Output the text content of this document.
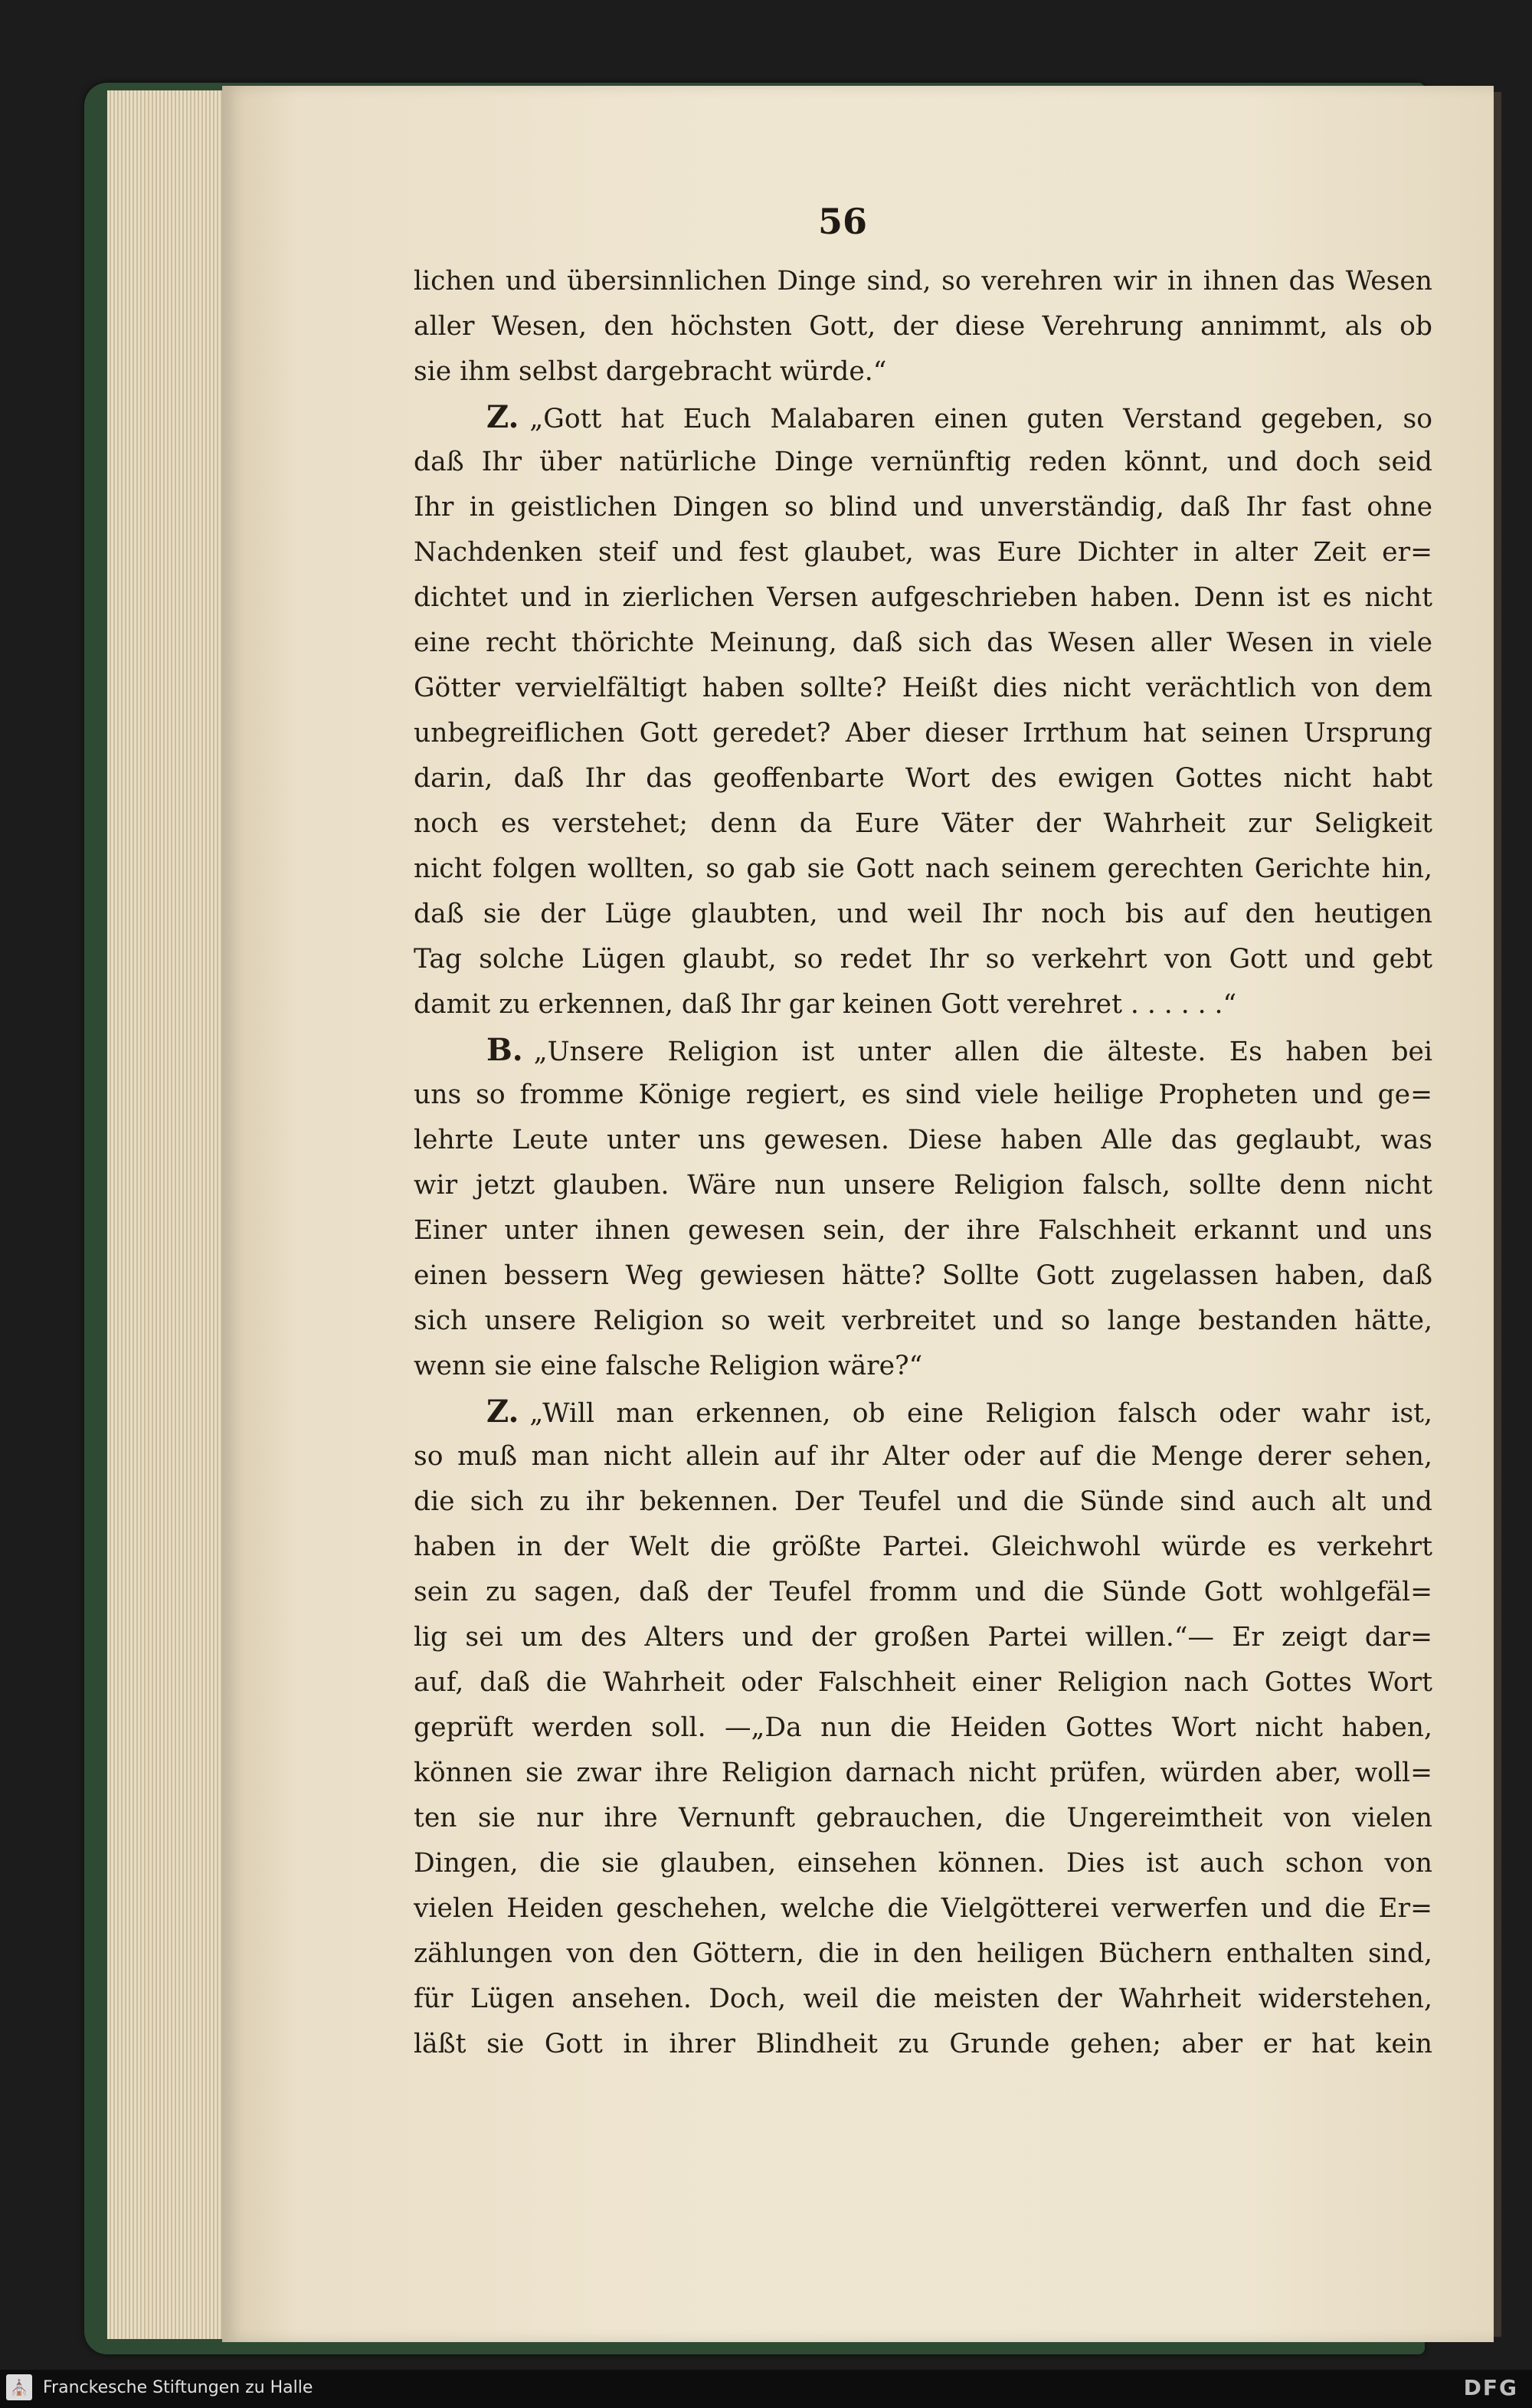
56
lichen und übersinnlichen Dinge sind, so verehren wir in ihnen das Wesen
aller Wesen, den höchsten Gott, der diese Verehrung annimmt, als ob
sie ihm selbst dargebracht würde.“
Z. „Gott hat Euch Malabaren einen guten Verstand gegeben, so
daß Ihr über natürliche Dinge vernünftig reden könnt, und doch seid
Ihr in geistlichen Dingen so blind und unverständig, daß Ihr fast ohne
Nachdenken steif und fest glaubet, was Eure Dichter in alter Zeit er=
dichtet und in zierlichen Versen aufgeschrieben haben. Denn ist es nicht
eine recht thörichte Meinung, daß sich das Wesen aller Wesen in viele
Götter vervielfältigt haben sollte? Heißt dies nicht verächtlich von dem
unbegreiflichen Gott geredet? Aber dieser Irrthum hat seinen Ursprung
darin, daß Ihr das geoffenbarte Wort des ewigen Gottes nicht habt
noch es verstehet; denn da Eure Väter der Wahrheit zur Seligkeit
nicht folgen wollten, so gab sie Gott nach seinem gerechten Gerichte hin,
daß sie der Lüge glaubten, und weil Ihr noch bis auf den heutigen
Tag solche Lügen glaubt, so redet Ihr so verkehrt von Gott und gebt
damit zu erkennen, daß Ihr gar keinen Gott verehret . . . . . .“
B. „Unsere Religion ist unter allen die älteste. Es haben bei
uns so fromme Könige regiert, es sind viele heilige Propheten und ge=
lehrte Leute unter uns gewesen. Diese haben Alle das geglaubt, was
wir jetzt glauben. Wäre nun unsere Religion falsch, sollte denn nicht
Einer unter ihnen gewesen sein, der ihre Falschheit erkannt und uns
einen bessern Weg gewiesen hätte? Sollte Gott zugelassen haben, daß
sich unsere Religion so weit verbreitet und so lange bestanden hätte,
wenn sie eine falsche Religion wäre?“
Z. „Will man erkennen, ob eine Religion falsch oder wahr ist,
so muß man nicht allein auf ihr Alter oder auf die Menge derer sehen,
die sich zu ihr bekennen. Der Teufel und die Sünde sind auch alt und
haben in der Welt die größte Partei. Gleichwohl würde es verkehrt
sein zu sagen, daß der Teufel fromm und die Sünde Gott wohlgefäl=
lig sei um des Alters und der großen Partei willen.“— Er zeigt dar=
auf, daß die Wahrheit oder Falschheit einer Religion nach Gottes Wort
geprüft werden soll. —„Da nun die Heiden Gottes Wort nicht haben,
können sie zwar ihre Religion darnach nicht prüfen, würden aber, woll=
ten sie nur ihre Vernunft gebrauchen, die Ungereimtheit von vielen
Dingen, die sie glauben, einsehen können. Dies ist auch schon von
vielen Heiden geschehen, welche die Vielgötterei verwerfen und die Er=
zählungen von den Göttern, die in den heiligen Büchern enthalten sind,
für Lügen ansehen. Doch, weil die meisten der Wahrheit widerstehen,
läßt sie Gott in ihrer Blindheit zu Grunde gehen; aber er hat kein
⛪ Franckesche Stiftungen zu Halle	DFG
